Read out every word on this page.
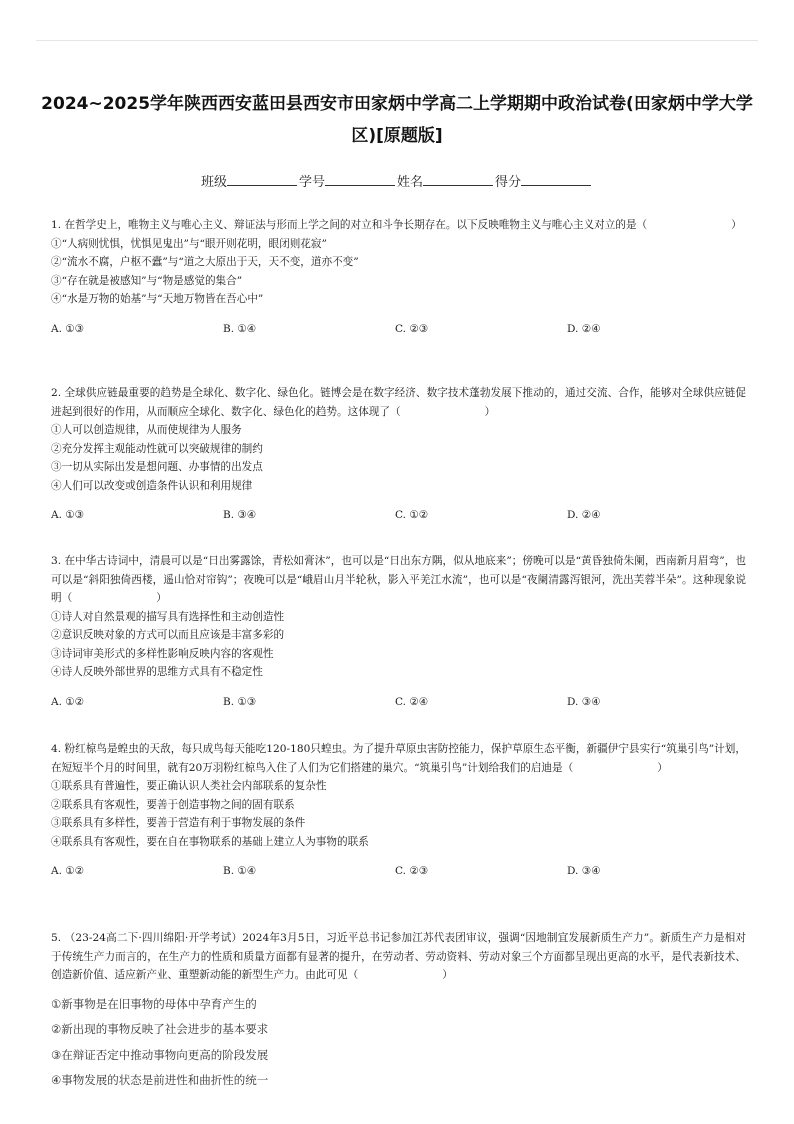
2024~2025学年陕西西安蓝田县西安市田家炳中学高二上学期期中政治试卷(田家炳中学大学区)[原题版]
班级	学号	姓名	得分
1. 在哲学史上，唯物主义与唯心主义、辩证法与形而上学之间的对立和斗争长期存在。以下反映唯物主义与唯心主义对立的是（	）
①“人病则忧惧，忧惧见鬼出”与“眼开则花明，眼闭则花寂”
②“流水不腐，户枢不蠹”与“道之大原出于天，天不变，道亦不变”
③“存在就是被感知”与“物是感觉的集合”
④“水是万物的始基”与“天地万物皆在吾心中”
A. ①③	B. ①④	C. ②③	D. ②④
2. 全球供应链最重要的趋势是全球化、数字化、绿色化。链博会是在数字经济、数字技术蓬勃发展下推动的，通过交流、合作，能够对全球供应链促进起到很好的作用，从而顺应全球化、数字化、绿色化的趋势。这体现了（	）
①人可以创造规律，从而使规律为人服务
②充分发挥主观能动性就可以突破规律的制约
③一切从实际出发是想问题、办事情的出发点
④人们可以改变或创造条件认识和利用规律
A. ①③	B. ③④	C. ①②	D. ②④
3. 在中华古诗词中，清晨可以是“日出雾露馀，青松如膏沐”，也可以是“日出东方隅，似从地底来”；傍晚可以是“黄昏独倚朱阑，西南新月眉弯”，也可以是“斜阳独倚西楼，遥山恰对帘钩”；夜晚可以是“峨眉山月半轮秋，影入平羌江水流”，也可以是“夜阑清露泻银河，洗出芙蓉半朵”。这种现象说明（	）
①诗人对自然景观的描写具有选择性和主动创造性
②意识反映对象的方式可以而且应该是丰富多彩的
③诗词审美形式的多样性影响反映内容的客观性
④诗人反映外部世界的思维方式具有不稳定性
A. ①②	B. ①③	C. ②④	D. ③④
4. 粉红椋鸟是蝗虫的天敌，每只成鸟每天能吃120-180只蝗虫。为了提升草原虫害防控能力，保护草原生态平衡，新疆伊宁县实行“筑巢引鸟”计划，在短短半个月的时间里，就有20万羽粉红椋鸟入住了人们为它们搭建的巢穴。“筑巢引鸟”计划给我们的启迪是（	）
①联系具有普遍性，要正确认识人类社会内部联系的复杂性
②联系具有客观性，要善于创造事物之间的固有联系
③联系具有多样性，要善于营造有利于事物发展的条件
④联系具有客观性，要在自在事物联系的基础上建立人为事物的联系
A. ①②	B. ①④	C. ②③	D. ③④
5. （23-24高二下·四川绵阳·开学考试）2024年3月5日，习近平总书记参加江苏代表团审议，强调“因地制宜发展新质生产力”。新质生产力是相对于传统生产力而言的，在生产力的性质和质量方面都有显著的提升，在劳动者、劳动资料、劳动对象三个方面都呈现出更高的水平，是代表新技术、创造新价值、适应新产业、重塑新动能的新型生产力。由此可见（	）
①新事物是在旧事物的母体中孕育产生的
②新出现的事物反映了社会进步的基本要求
③在辩证否定中推动事物向更高的阶段发展
④事物发展的状态是前进性和曲折性的统一
